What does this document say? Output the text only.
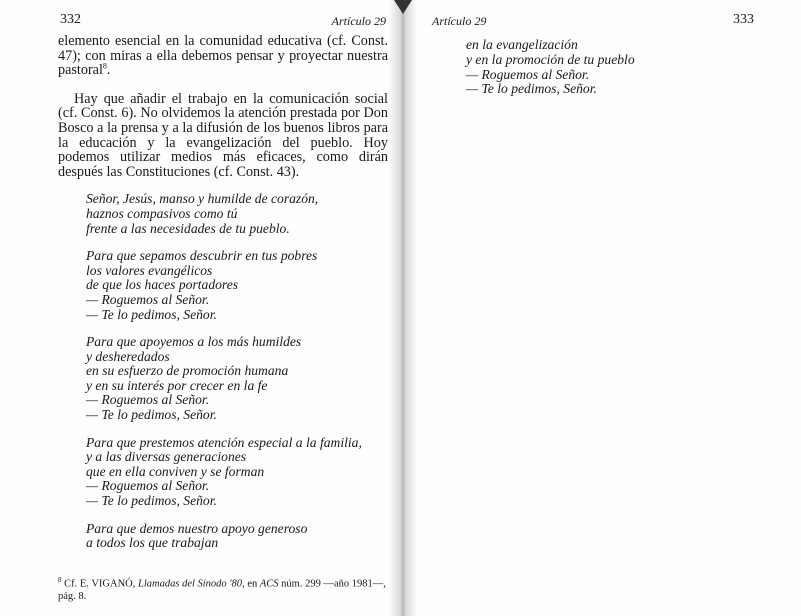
332	Artículo 29

elemento esencial en la comunidad educativa (cf. Const. 47); con miras a ella debemos pensar y proyectar nuestra pastoral$^8$.

Hay que añadir el trabajo en la comunicación social (cf. Const. 6). No olvidemos la atención prestada por Don Bosco a la prensa y a la difusión de los buenos libros para la educación y la evangelización del pueblo. Hoy podemos utilizar medios más eficaces, como dirán después las Constituciones (cf. Const. 43).

Señor, Jesús, manso y humilde de corazón,
haznos compasivos como tú
frente a las necesidades de tu pueblo.
Para que sepamos descubrir en tus pobres
los valores evangélicos
de que los haces portadores
— Roguemos al Señor.
— Te lo pedimos, Señor.
Para que apoyemos a los más humildes
y desheredados
en su esfuerzo de promoción humana
y en su interés por crecer en la fe
— Roguemos al Señor.
— Te lo pedimos, Señor.
Para que prestemos atención especial a la familia,
y a las diversas generaciones
que en ella conviven y se forman
— Roguemos al Señor.
— Te lo pedimos, Señor.
Para que demos nuestro apoyo generoso
a todos los que trabajan
$^8$ Cf. E. VIGANÓ, Llamadas del Sínodo '80, en ACS núm. 299 —año 1981—, pág. 8.
Artículo 29	333
en la evangelización
y en la promoción de tu pueblo
— Roguemos al Señor.
— Te lo pedimos, Señor.
